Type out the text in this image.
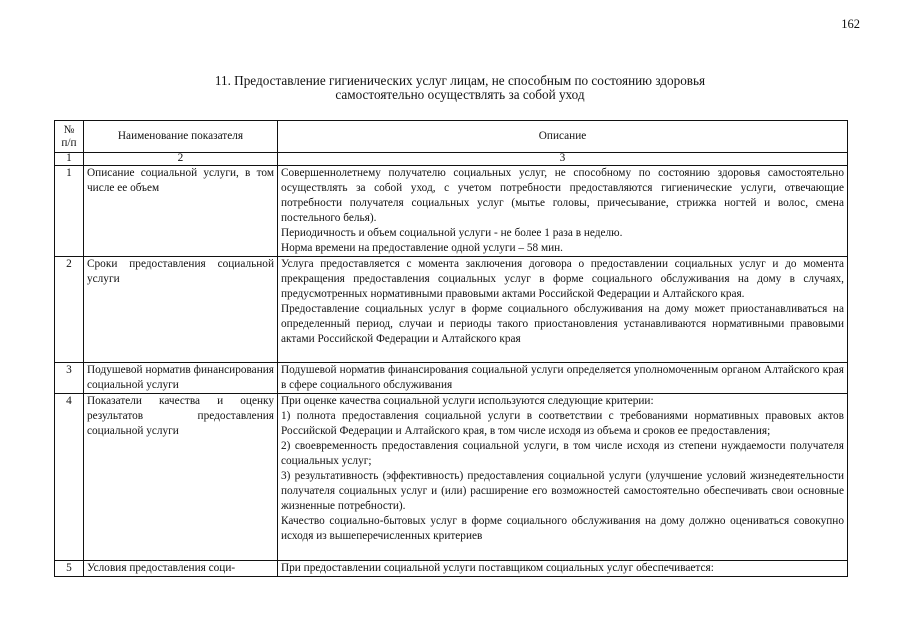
162
11. Предоставление гигиенических услуг лицам, не способным по состоянию здоровья
самостоятельно осуществлять за собой уход
№
п/п	Наименование показателя	Описание
1	2	3
1	Описание социальной услуги, в том числе ее объем	Совершеннолетнему получателю социальных услуг, не способному по состоянию здоровья самостоятельно осуществлять за собой уход, с учетом потребности предоставляются гигиенические услуги, отвечающие потребности получателя социальных услуг (мытье головы, причесывание, стрижка ногтей и волос, смена постельного белья).

Периодичность и объем социальной услуги - не более 1 раза в неделю.

Норма времени на предоставление одной услуги – 58 мин.

2	Сроки предоставления социальной услуги	Услуга предоставляется с момента заключения договора о предоставлении социальных услуг и до момента прекращения предоставления социальных услуг в форме социального обслуживания на дому в случаях, предусмотренных нормативными правовыми актами Российской Федерации и Алтайского края.

Предоставление социальных услуг в форме социального обслуживания на дому может приостанавливаться на определенный период, случаи и периоды такого приостановления устанавливаются нормативными правовыми актами Российской Федерации и Алтайского края

3	Подушевой норматив финансирования социальной услуги	Подушевой норматив финансирования социальной услуги определяется уполномоченным органом Алтайского края в сфере социального обслуживания

4	Показатели качества и оценку результатов предоставления социальной услуги	При оценке качества социальной услуги используются следующие критерии:

1) полнота предоставления социальной услуги в соответствии с требованиями нормативных правовых актов Российской Федерации и Алтайского края, в том числе исходя из объема и сроков ее предоставления;

2) своевременность предоставления социальной услуги, в том числе исходя из степени нуждаемости получателя социальных услуг;

3) результативность (эффективность) предоставления социальной услуги (улучшение условий жизнедеятельности получателя социальных услуг и (или) расширение его возможностей самостоятельно обеспечивать свои основные жизненные потребности).

Качество социально-бытовых услуг в форме социального обслуживания на дому должно оцениваться совокупно исходя из вышеперечисленных критериев

5	Условия предоставления соци-	При предоставлении социальной услуги поставщиком социальных услуг обеспечивается:
